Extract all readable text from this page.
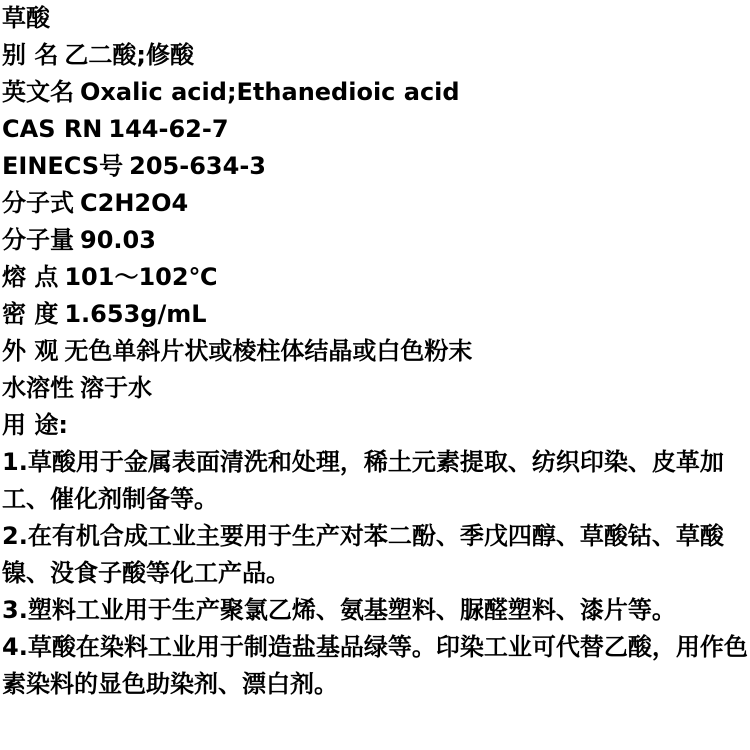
草酸
别 名 乙二酸;修酸
英文名 Oxalic acid;Ethanedioic acid
CAS RN 144-62-7
EINECS号 205-634-3
分子式 C2H2O4
分子量 90.03
熔 点 101～102℃
密 度 1.653g/mL
外 观 无色单斜片状或棱柱体结晶或白色粉末
水溶性 溶于水
用 途:
1.草酸用于金属表面清洗和处理，稀土元素提取、纺织印染、皮革加工、催化剂制备等。
2.在有机合成工业主要用于生产对苯二酚、季戊四醇、草酸钴、草酸镍、没食子酸等化工产品。
3.塑料工业用于生产聚氯乙烯、氨基塑料、脲醛塑料、漆片等。
4.草酸在染料工业用于制造盐基品绿等。印染工业可代替乙酸，用作色素染料的显色助染剂、漂白剂。
